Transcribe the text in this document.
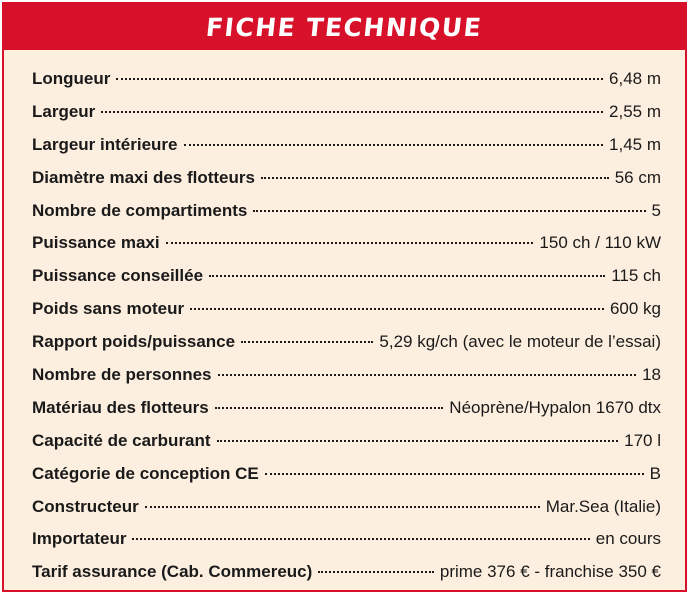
FICHE TECHNIQUE
Longueur	6,48 m
Largeur	2,55 m
Largeur intérieure	1,45 m
Diamètre maxi des flotteurs	56 cm
Nombre de compartiments	5
Puissance maxi	150 ch / 110 kW
Puissance conseillée	115 ch
Poids sans moteur	600 kg
Rapport poids/puissance	5,29 kg/ch (avec le moteur de l’essai)
Nombre de personnes	18
Matériau des flotteurs	Néoprène/Hypalon 1670 dtx
Capacité de carburant	170 l
Catégorie de conception CE	B
Constructeur	Mar.Sea (Italie)
Importateur	en cours
Tarif assurance (Cab. Commereuc)	prime 376 € - franchise 350 €
